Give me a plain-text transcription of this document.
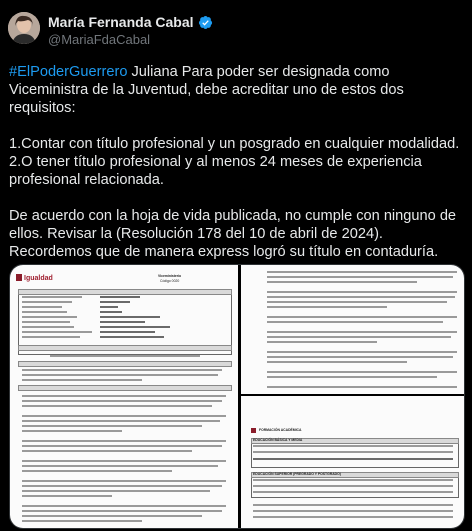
María Fernanda Cabal
@MariaFdaCabal
#ElPoderGuerrero Juliana Para poder ser designada como Viceministra de la Juventud, debe acreditar uno de estos dos requisitos:

1.Contar con título profesional y un posgrado en cualquier modalidad.
2.O tener título profesional y al menos 24 meses de experiencia profesional relacionada.

De acuerdo con la hoja de vida publicada, no cumple con ninguno de ellos. Revisar la (Resolución 178 del 10 de abril de 2024). Recordemos que de manera express logró su título en contaduría.
Igualdad	Viceministerio
Código 0020
FORMACIÓN ACADÉMICA
EDUCACIÓN BÁSICA Y MEDIA
EDUCACIÓN SUPERIOR (PREGRADO Y POSTGRADO)
